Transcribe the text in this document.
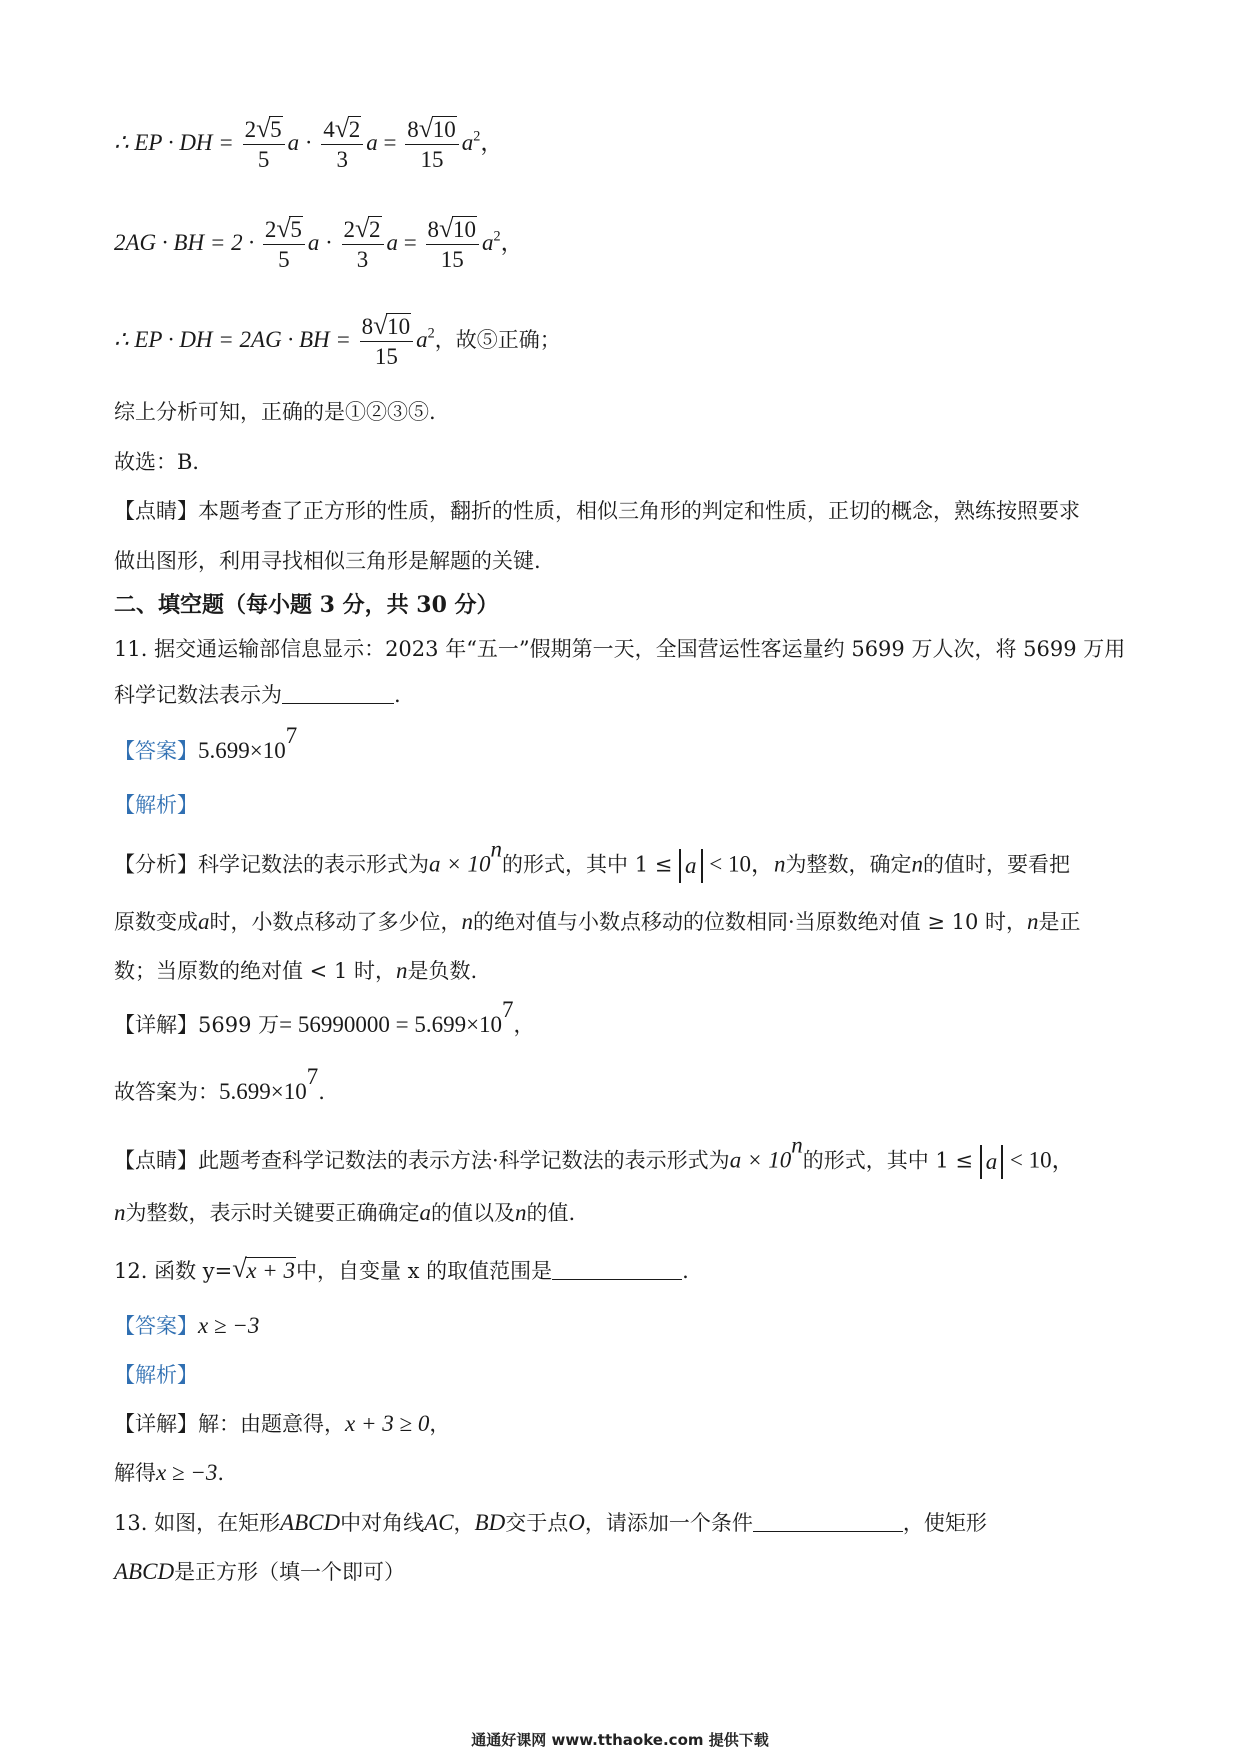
∴ EP · DH = $\frac{2 √ 5}{5}$ $a \cdot \frac{4 √ 2}{3}$ $a = \frac{8 √ 10}{15} a^2$，
2AG · BH = $2 \cdot \frac{2 √ 5}{5}$ $a \cdot \frac{2 √ 2}{3}$ $a = \frac{8 √ 10}{15} a^2$，
∴ EP · DH = 2AG · BH = $\frac{8 √ 10}{15} a^2$，故⑤正确；
综上分析可知，正确的是①②③⑤.
故选：B．
【点睛】本题考查了正方形的性质，翻折的性质，相似三角形的判定和性质，正切的概念，熟练按照要求
做出图形，利用寻找相似三角形是解题的关键.
二、填空题（每小题 3 分，共 30 分）
11. 据交通运输部信息显示：2023 年“五一”假期第一天，全国营运性客运量约 5699 万人次，将 5699 万用
科学记数法表示为	.
【答案】$5.699\times 10^7$
【解析】
【分析】科学记数法的表示形式为$a \times 10^n$的形式，其中 1 ≤ a < 10，n为整数，确定n的值时，要看把
原数变成a时，小数点移动了多少位，n的绝对值与小数点移动的位数相同·当原数绝对值 ≥ 10 时，n是正
数；当原数的绝对值 < 1 时，n是负数.
【详解】5699 万= $56990000 = 5.699\times 10^7$，
故答案为：$5.699\times 10^7$.
【点睛】此题考查科学记数法的表示方法·科学记数法的表示形式为$a \times 10^n$的形式，其中 1 ≤ a < 10，
n为整数，表示时关键要正确确定a的值以及n的值.
12. 函数 y= √ x + 3中，自变量 x 的取值范围是	.
【答案】x ≥ −3
【解析】
【详解】解：由题意得，x + 3 ≥ 0，
解得x ≥ −3.
13. 如图，在矩形ABCD中对角线AC，BD交于点O，请添加一个条件	，使矩形
ABCD是正方形（填一个即可）
通通好课网 www.tthaoke.com 提供下载
